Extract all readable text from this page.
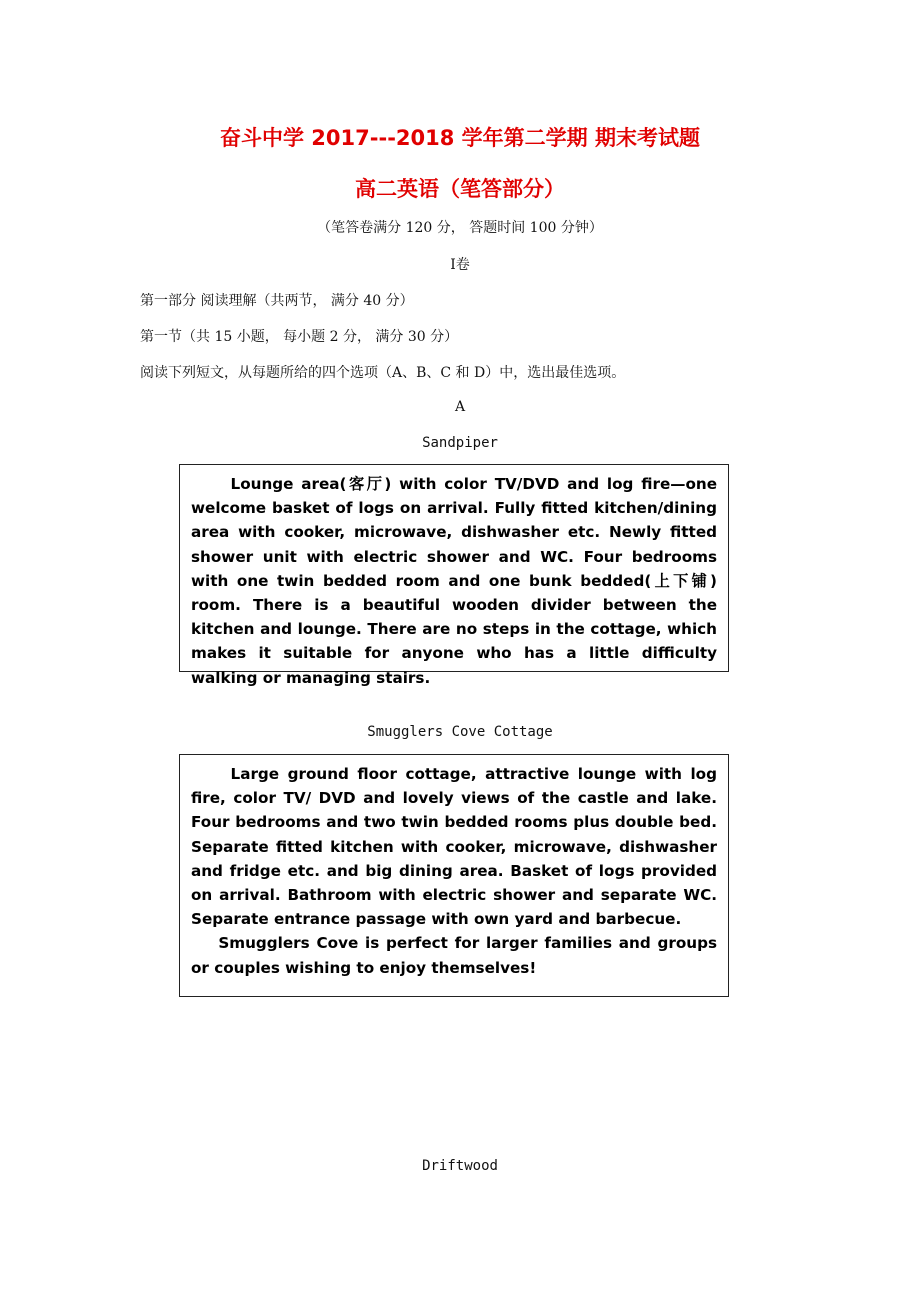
奋斗中学 2017---2018 学年第二学期 期末考试题
高二英语（笔答部分）
（笔答卷满分 120 分， 答题时间 100 分钟）
Ⅰ卷
第一部分 阅读理解（共两节， 满分 40 分）
第一节（共 15 小题， 每小题 2 分， 满分 30 分）
阅读下列短文，从每题所给的四个选项（A、B、C 和 D）中，选出最佳选项。
A
Sandpiper

Lounge area(客厅) with color TV/DVD and log fire—one welcome basket of logs on arrival. Fully fitted kitchen/dining area with cooker, microwave, dishwasher etc. Newly fitted shower unit with electric shower and WC. Four bedrooms with one twin bedded room and one bunk bedded(上下铺) room. There is a beautiful wooden divider between the kitchen and lounge. There are no steps in the cottage, which makes it suitable for anyone who has a little difficulty walking or managing stairs.

Smugglers Cove Cottage

Large ground floor cottage, attractive lounge with log fire, color TV/ DVD and lovely views of the castle and lake. Four bedrooms and two twin bedded rooms plus double bed. Separate fitted kitchen with cooker, microwave, dishwasher and fridge etc. and big dining area. Basket of logs provided on arrival. Bathroom with electric shower and separate WC. Separate entrance passage with own yard and barbecue.

Smugglers Cove is perfect for larger families and groups or couples wishing to enjoy themselves!

Driftwood
